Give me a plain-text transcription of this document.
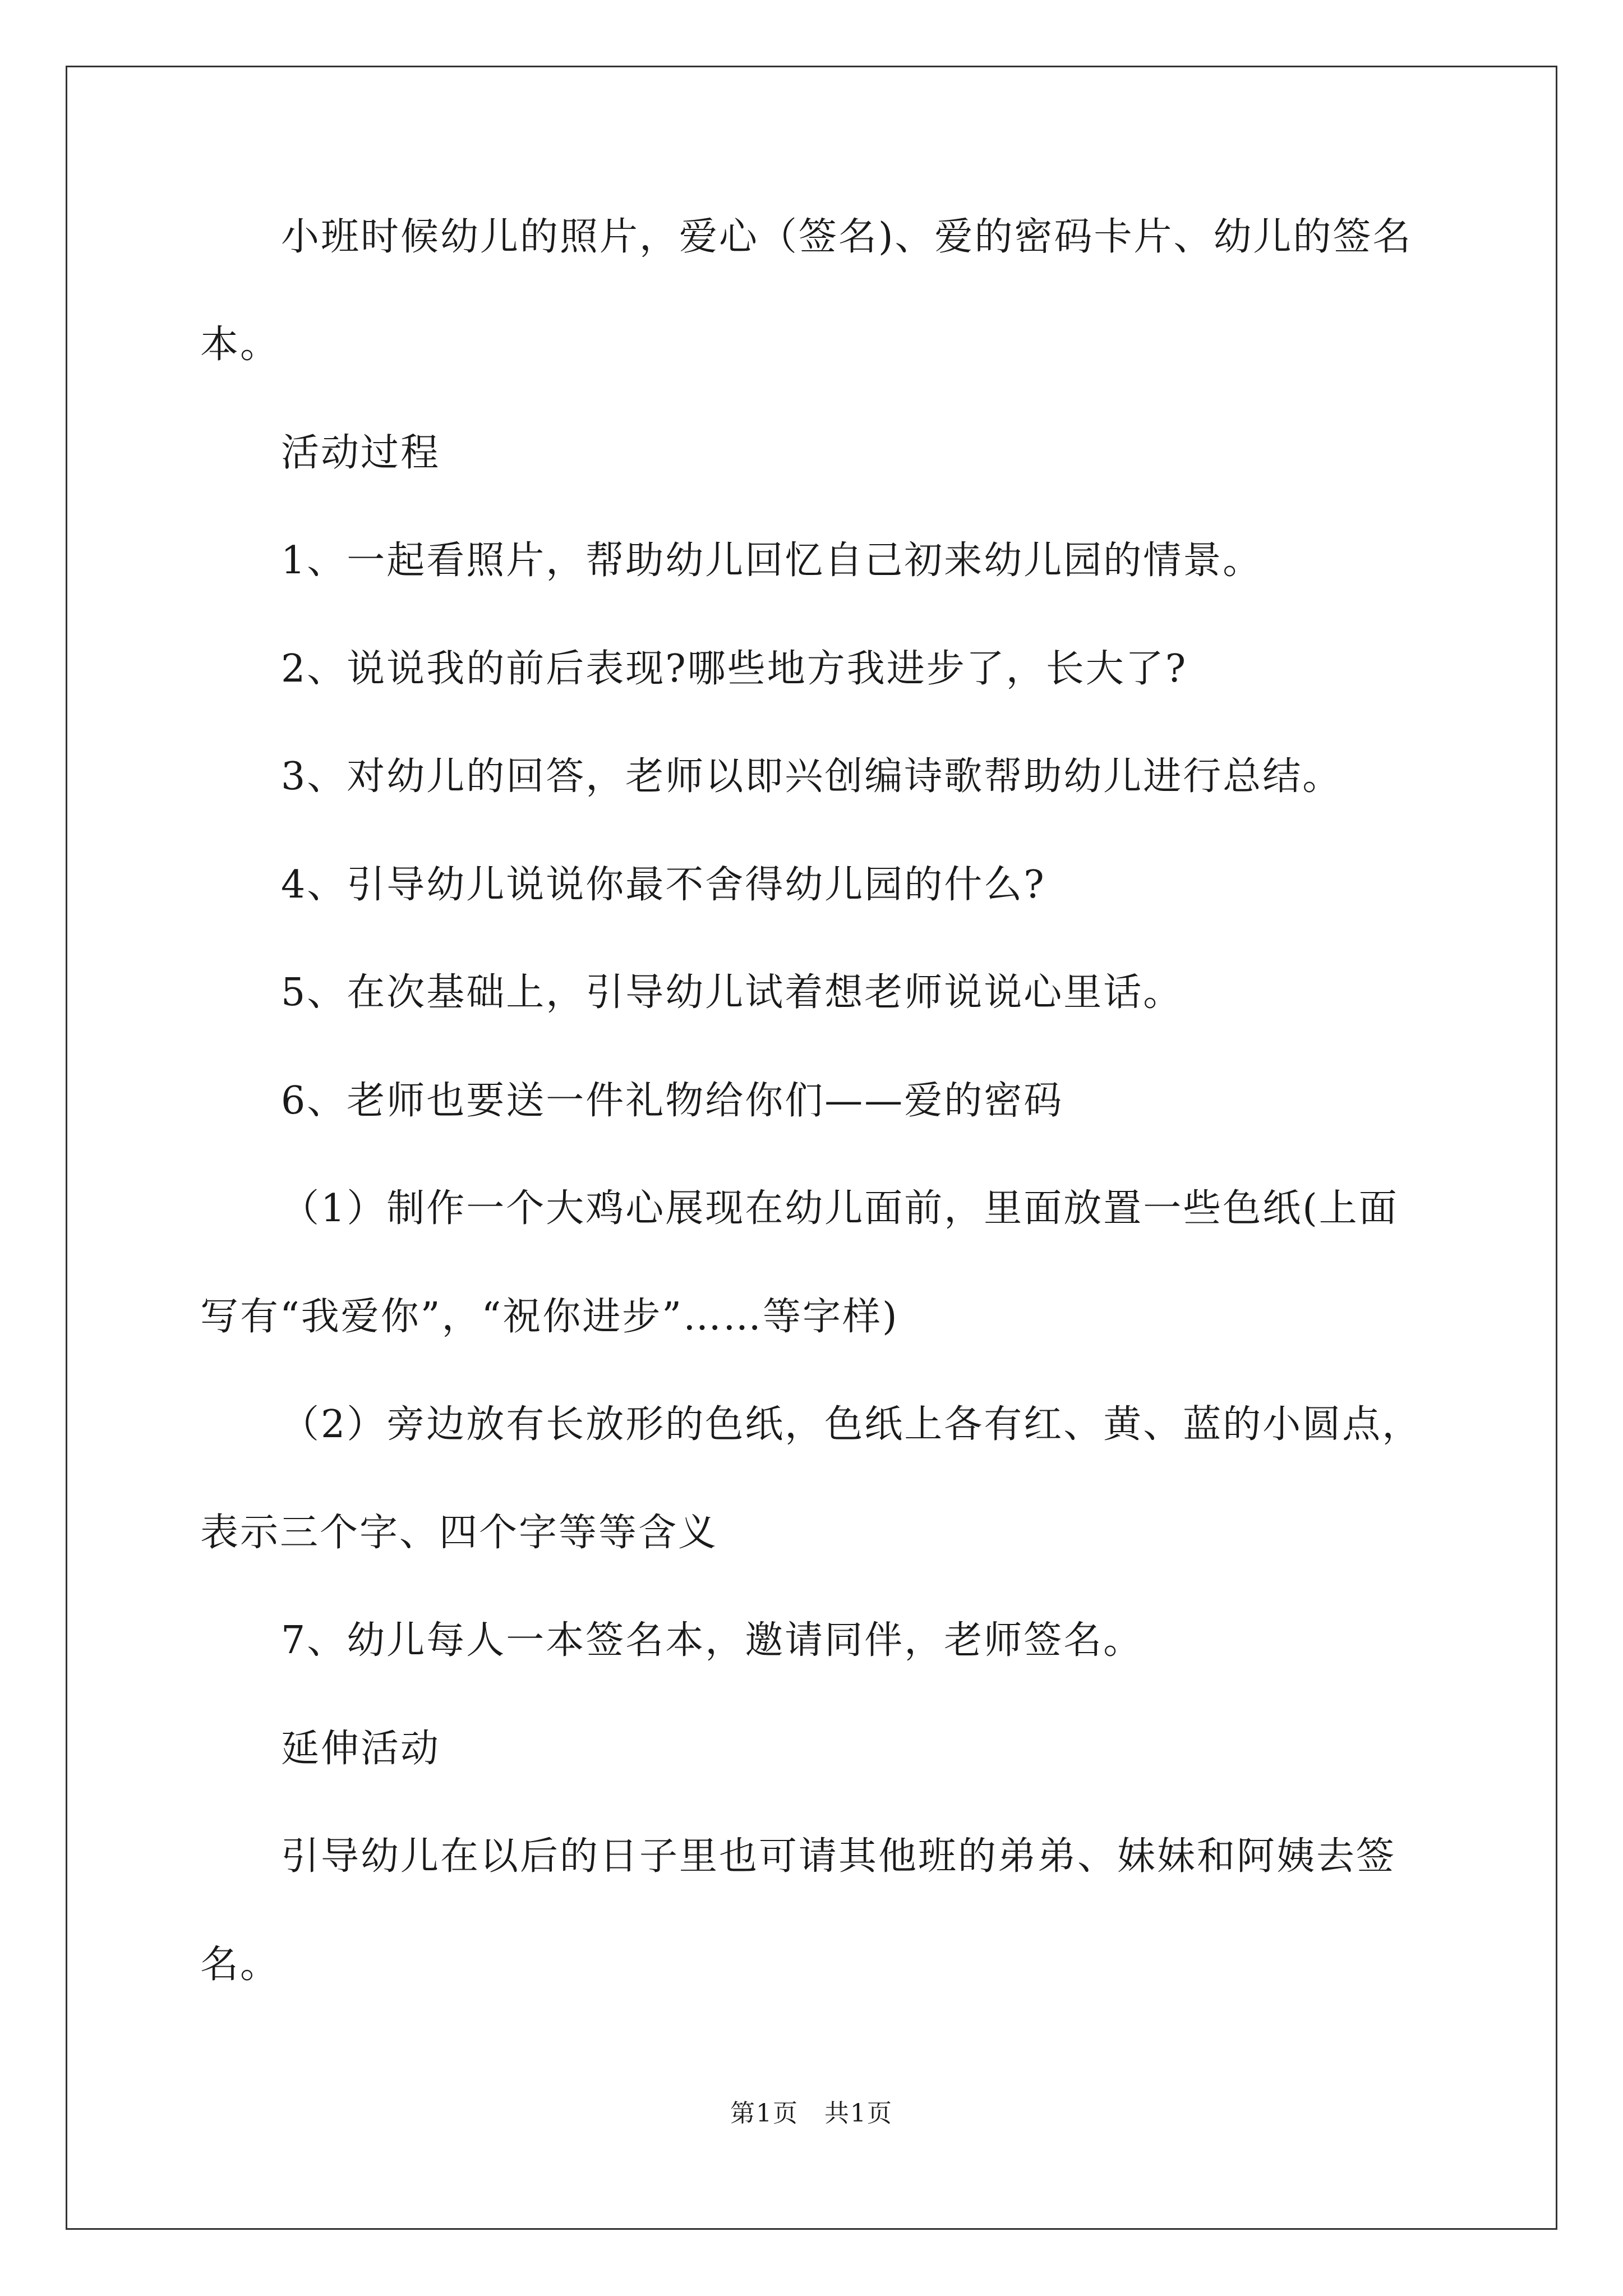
小班时候幼儿的照片，爱心（签名)、爱的密码卡片、幼儿的签名
本。
活动过程
1、一起看照片，帮助幼儿回忆自己初来幼儿园的情景。
2、说说我的前后表现?哪些地方我进步了，长大了?
3、对幼儿的回答，老师以即兴创编诗歌帮助幼儿进行总结。
4、引导幼儿说说你最不舍得幼儿园的什么?
5、在次基础上，引导幼儿试着想老师说说心里话。
6、老师也要送一件礼物给你们——爱的密码
（1）制作一个大鸡心展现在幼儿面前，里面放置一些色纸(上面
写有“我爱你”，“祝你进步”……等字样)
（2）旁边放有长放形的色纸，色纸上各有红、黄、蓝的小圆点，
表示三个字、四个字等等含义
7、幼儿每人一本签名本，邀请同伴，老师签名。
延伸活动
引导幼儿在以后的日子里也可请其他班的弟弟、妹妹和阿姨去签
名。
第1页　共1页
